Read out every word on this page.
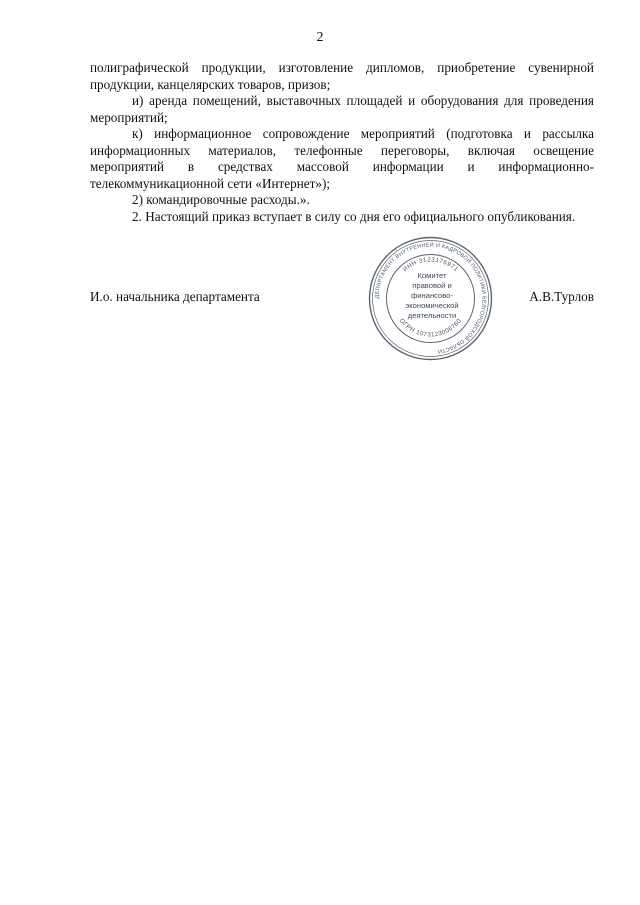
2

полиграфической продукции, изготовление дипломов, приобретение сувенирной продукции, канцелярских товаров, призов;

и) аренда помещений, выставочных площадей и оборудования для проведения мероприятий;

к) информационное сопровождение мероприятий (подготовка и рассылка информационных материалов, телефонные переговоры, включая освещение мероприятий в средствах массовой информации и информационно-телекоммуникационной сети «Интернет»);

2) командировочные расходы.».

2. Настоящий приказ вступает в силу со дня его официального опубликования.

И.о. начальника департамента	А.В.Турлов
ДЕПАРТАМЕНТ ВНУТРЕННЕЙ И КАДРОВОЙ ПОЛИТИКИ БЕЛГОРОДСКОЙ ОБЛАСТИ
ИНН 3123176971
ОГРН 1073123006760
Комитет
правовой и
финансово-
экономической
деятельности
